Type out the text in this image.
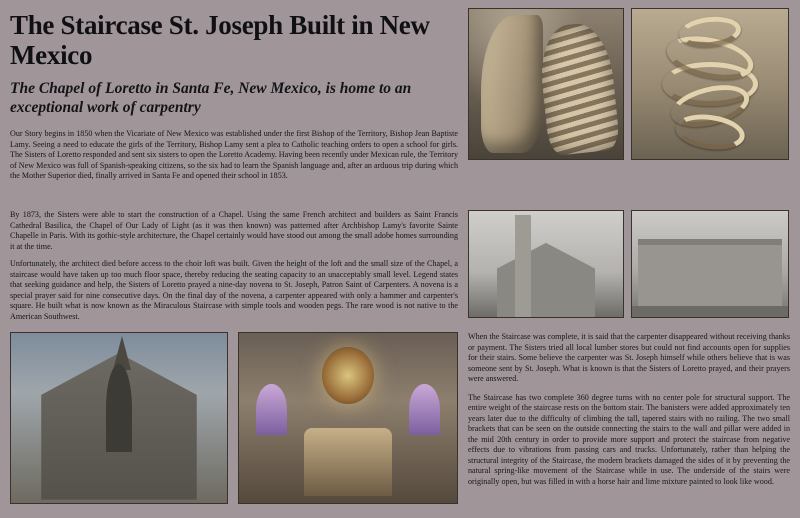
The Staircase St. Joseph Built in New Mexico
The Chapel of Loretto in Santa Fe, New Mexico, is home to an exceptional work of carpentry

Our Story begins in 1850 when the Vicariate of New Mexico was established under the first Bishop of the Territory, Bishop Jean Baptiste Lamy. Seeing a need to educate the girls of the Territory, Bishop Lamy sent a plea to Catholic teaching orders to open a school for girls. The Sisters of Loretto responded and sent six sisters to open the Loretto Academy. Having been recently under Mexican rule, the Territory of New Mexico was full of Spanish-speaking citizens, so the six had to learn the Spanish language and, after an arduous trip during which the Mother Superior died, finally arrived in Santa Fe and opened their school in 1853.

By 1873, the Sisters were able to start the construction of a Chapel. Using the same French architect and builders as Saint Francis Cathedral Basilica, the Chapel of Our Lady of Light (as it was then known) was patterned after Archbishop Lamy's favorite Sainte Chapelle in Paris. With its gothic-style architecture, the Chapel certainly would have stood out among the small adobe homes surrounding it at the time.

Unfortunately, the architect died before access to the choir loft was built. Given the height of the loft and the small size of the Chapel, a staircase would have taken up too much floor space, thereby reducing the seating capacity to an unacceptably small level. Legend states that seeking guidance and help, the Sisters of Loretto prayed a nine-day novena to St. Joseph, Patron Saint of Carpenters. A novena is a special prayer said for nine consecutive days. On the final day of the novena, a carpenter appeared with only a hammer and carpenter's square. He built what is now known as the Miraculous Staircase with simple tools and wooden pegs. The rare wood is not native to the American Southwest.

When the Staircase was complete, it is said that the carpenter disappeared without receiving thanks or payment. The Sisters tried all local lumber stores but could not find accounts open for supplies for their stairs. Some believe the carpenter was St. Joseph himself while others believe that is was someone sent by St. Joseph. What is known is that the Sisters of Loretto prayed, and their prayers were answered.

The Staircase has two complete 360 degree turns with no center pole for structural support. The entire weight of the staircase rests on the bottom stair. The banisters were added approximately ten years later due to the difficulty of climbing the tall, tapered stairs with no railing. The two small brackets that can be seen on the outside connecting the stairs to the wall and pillar were added in the mid 20th century in order to provide more support and protect the staircase from negative effects due to vibrations from passing cars and trucks. Unfortunately, rather than helping the structural integrity of the Staircase, the modern brackets damaged the sides of it by preventing the natural spring-like movement of the Staircase while in use. The underside of the stairs were originally open, but was filled in with a horse hair and lime mixture painted to look like wood.
